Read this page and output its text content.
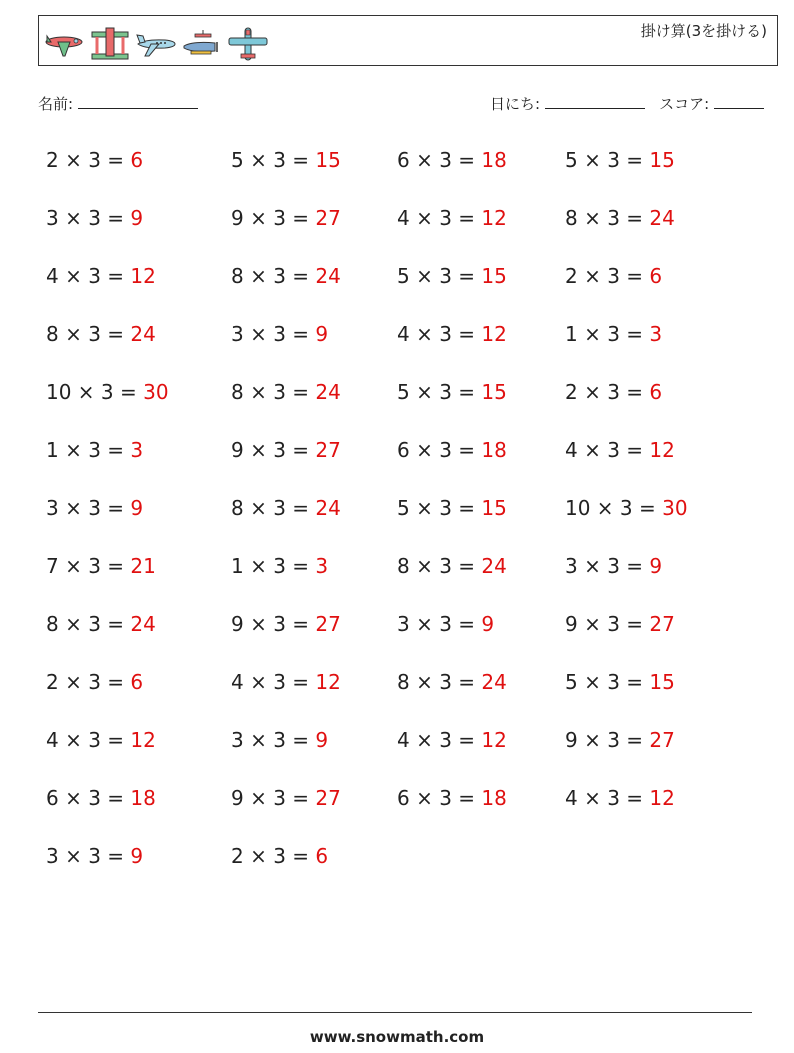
掛け算(3を掛ける)
名前:	日にち:	スコア:
2 × 3 = 6
3 × 3 = 9
4 × 3 = 12
8 × 3 = 24
10 × 3 = 30
1 × 3 = 3
3 × 3 = 9
7 × 3 = 21
8 × 3 = 24
2 × 3 = 6
4 × 3 = 12
6 × 3 = 18
3 × 3 = 9
5 × 3 = 15
9 × 3 = 27
8 × 3 = 24
3 × 3 = 9
8 × 3 = 24
9 × 3 = 27
8 × 3 = 24
1 × 3 = 3
9 × 3 = 27
4 × 3 = 12
3 × 3 = 9
9 × 3 = 27
2 × 3 = 6
6 × 3 = 18
4 × 3 = 12
5 × 3 = 15
4 × 3 = 12
5 × 3 = 15
6 × 3 = 18
5 × 3 = 15
8 × 3 = 24
3 × 3 = 9
8 × 3 = 24
4 × 3 = 12
6 × 3 = 18
5 × 3 = 15
8 × 3 = 24
2 × 3 = 6
1 × 3 = 3
2 × 3 = 6
4 × 3 = 12
10 × 3 = 30
3 × 3 = 9
9 × 3 = 27
5 × 3 = 15
9 × 3 = 27
4 × 3 = 12
www.snowmath.com
